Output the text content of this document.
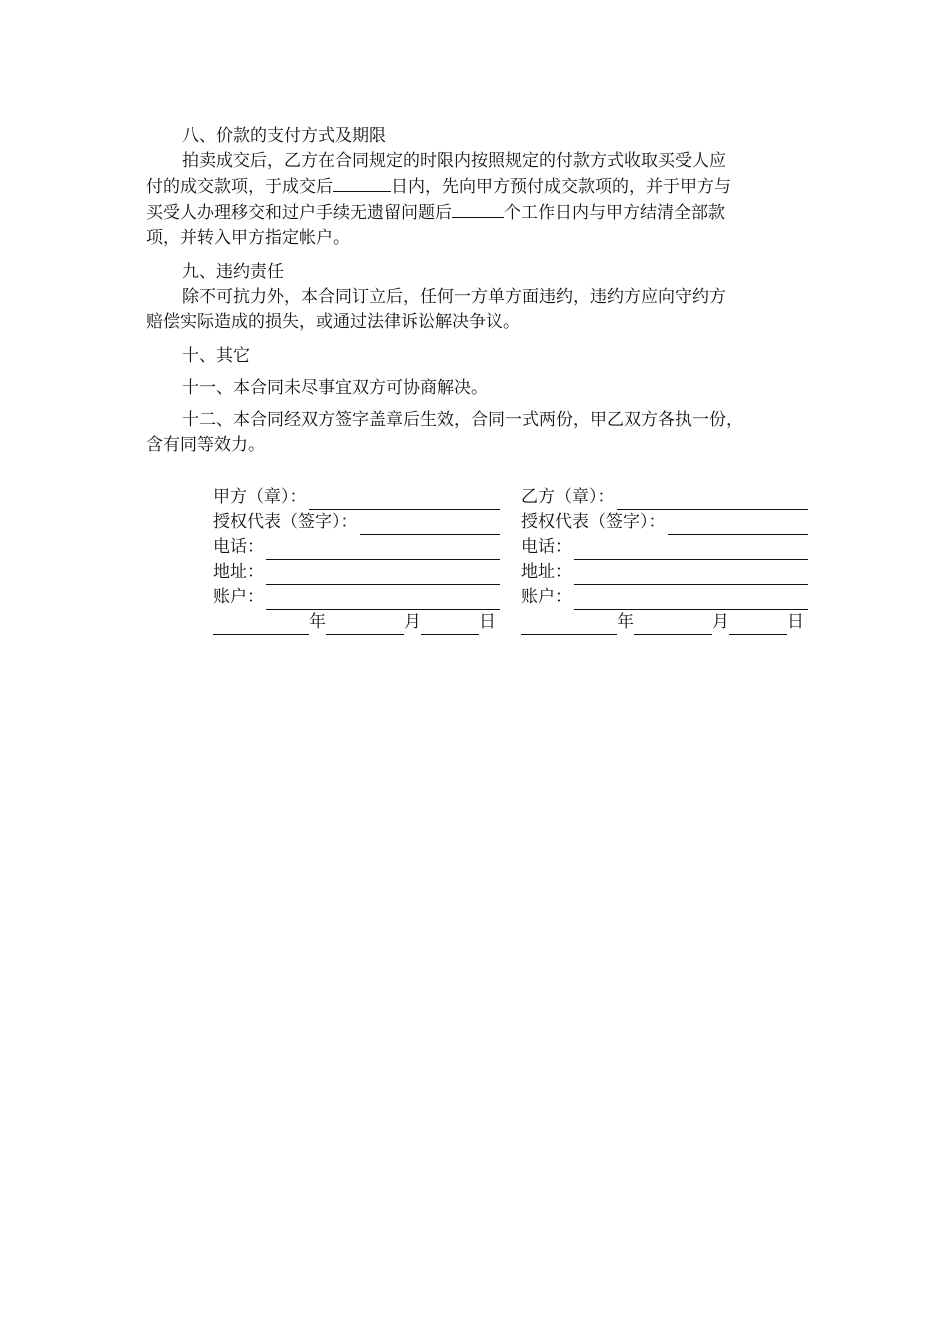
八、价款的支付方式及期限
拍卖成交后，乙方在合同规定的时限内按照规定的付款方式收取买受人应
付的成交款项，于成交后	日内，先向甲方预付成交款项的，并于甲方与
买受人办理移交和过户手续无遗留问题后	个工作日内与甲方结清全部款
项，并转入甲方指定帐户。
九、违约责任
除不可抗力外，本合同订立后，任何一方单方面违约，违约方应向守约方
赔偿实际造成的损失，或通过法律诉讼解决争议。
十、其它
十一、本合同未尽事宜双方可协商解决。
十二、本合同经双方签字盖章后生效，合同一式两份，甲乙双方各执一份，
含有同等效力。
甲方（章）：	乙方（章）：
授权代表（签字）：	授权代表（签字）：
电话：	电话：
地址：	地址：
账户：	账户：
年	月	日	年	月	日
